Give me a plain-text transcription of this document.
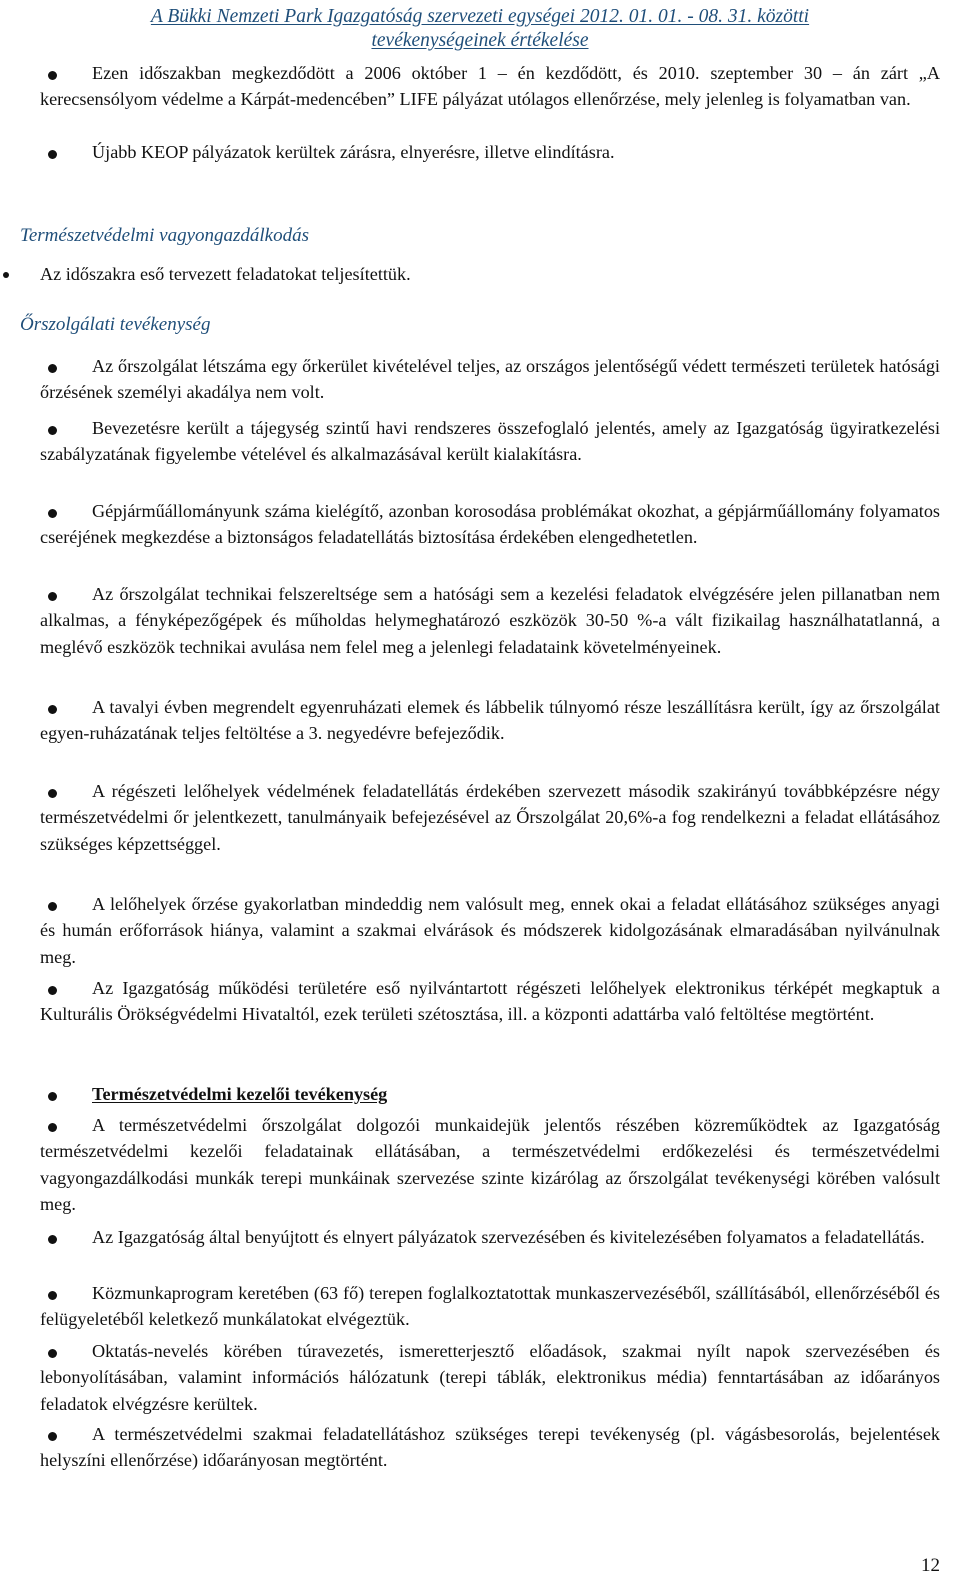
A Bükki Nemzeti Park Igazgatóság szervezeti egységei 2012. 01. 01. - 08. 31. közötti
tevékenységeinek értékelése
Ezen időszakban megkezdődött a 2006 október 1 – én kezdődött, és 2010. szeptember 30 – án zárt „A kerecsensólyom védelme a Kárpát-medencében” LIFE pályázat utólagos ellenőrzése, mely jelenleg is folyamatban van.
Újabb KEOP pályázatok kerültek zárásra, elnyerésre, illetve elindításra.
Természetvédelmi vagyongazdálkodás
Az időszakra eső tervezett feladatokat teljesítettük.
Őrszolgálati tevékenység
Az őrszolgálat létszáma egy őrkerület kivételével teljes, az országos jelentőségű védett természeti területek hatósági őrzésének személyi akadálya nem volt.
Bevezetésre került a tájegység szintű havi rendszeres összefoglaló jelentés, amely az Igazgatóság ügyiratkezelési szabályzatának figyelembe vételével és alkalmazásával került kialakításra.
Gépjárműállományunk száma kielégítő, azonban korosodása problémákat okozhat, a gépjárműállomány folyamatos cseréjének megkezdése a biztonságos feladatellátás biztosítása érdekében elengedhetetlen.
Az őrszolgálat technikai felszereltsége sem a hatósági sem a kezelési feladatok elvégzésére jelen pillanatban nem alkalmas, a fényképezőgépek és műholdas helymeghatározó eszközök 30-50 %-a vált fizikailag használhatatlanná, a meglévő eszközök technikai avulása nem felel meg a jelenlegi feladataink követelményeinek.
A tavalyi évben megrendelt egyenruházati elemek és lábbelik túlnyomó része leszállításra került, így az őrszolgálat egyen-ruházatának teljes feltöltése a 3. negyedévre befejeződik.
A régészeti lelőhelyek védelmének feladatellátás érdekében szervezett második szakirányú továbbképzésre négy természetvédelmi őr jelentkezett, tanulmányaik befejezésével az Őrszolgálat 20,6%-a fog rendelkezni a feladat ellátásához szükséges képzettséggel.
A lelőhelyek őrzése gyakorlatban mindeddig nem valósult meg, ennek okai a feladat ellátásához szükséges anyagi és humán erőforrások hiánya, valamint a szakmai elvárások és módszerek kidolgozásának elmaradásában nyilvánulnak meg.
Az Igazgatóság működési területére eső nyilvántartott régészeti lelőhelyek elektronikus térképét megkaptuk a Kulturális Örökségvédelmi Hivataltól, ezek területi szétosztása, ill. a központi adattárba való feltöltése megtörtént.
Természetvédelmi kezelői tevékenység
A természetvédelmi őrszolgálat dolgozói munkaidejük jelentős részében közreműködtek az Igazgatóság természetvédelmi kezelői feladatainak ellátásában, a természetvédelmi erdőkezelési és természetvédelmi vagyongazdálkodási munkák terepi munkáinak szervezése szinte kizárólag az őrszolgálat tevékenységi körében valósult meg.
Az Igazgatóság által benyújtott és elnyert pályázatok szervezésében és kivitelezésében folyamatos a feladatellátás.
Közmunkaprogram keretében (63 fő) terepen foglalkoztatottak munkaszervezéséből, szállításából, ellenőrzéséből és felügyeletéből keletkező munkálatokat elvégeztük.
Oktatás-nevelés körében túravezetés, ismeretterjesztő előadások, szakmai nyílt napok szervezésében és lebonyolításában, valamint információs hálózatunk (terepi táblák, elektronikus média) fenntartásában az időarányos feladatok elvégzésre kerültek.
A természetvédelmi szakmai feladatellátáshoz szükséges terepi tevékenység (pl. vágásbesorolás, bejelentések helyszíni ellenőrzése) időarányosan megtörtént.
12
